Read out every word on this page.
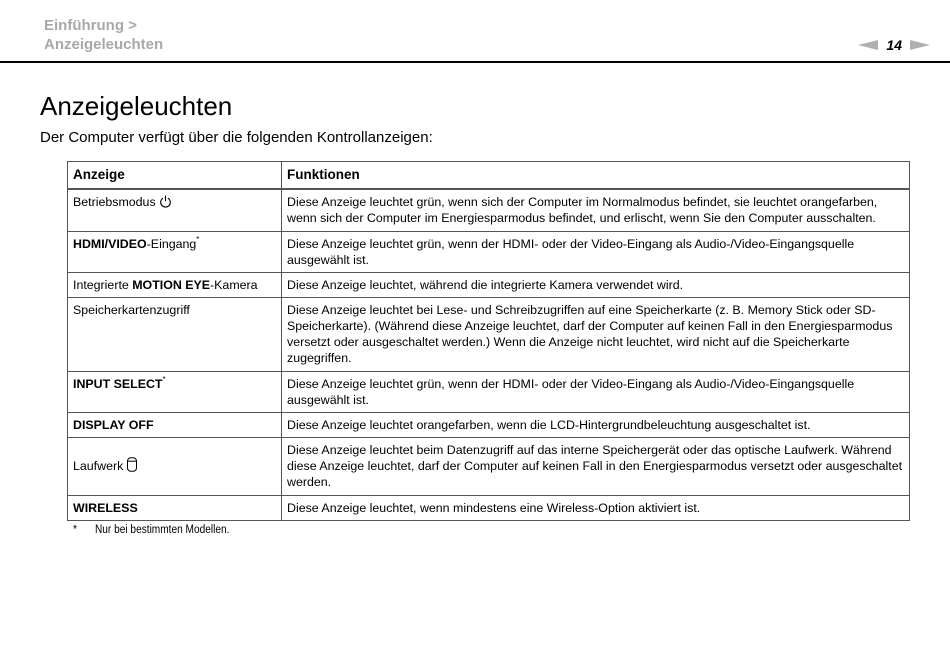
Einführung >
Anzeigeleuchten	14
Anzeigeleuchten
Der Computer verfügt über die folgenden Kontrollanzeigen:
Anzeige	Funktionen
Betriebsmodus	Diese Anzeige leuchtet grün, wenn sich der Computer im Normalmodus befindet, sie leuchtet orangefarben, wenn sich der Computer im Energiesparmodus befindet, und erlischt, wenn Sie den Computer ausschalten.
HDMI/VIDEO-Eingang*	Diese Anzeige leuchtet grün, wenn der HDMI- oder der Video-Eingang als Audio-/Video-Eingangsquelle ausgewählt ist.
Integrierte MOTION EYE-Kamera	Diese Anzeige leuchtet, während die integrierte Kamera verwendet wird.
Speicherkartenzugriff	Diese Anzeige leuchtet bei Lese- und Schreibzugriffen auf eine Speicherkarte (z. B. Memory Stick oder SD-Speicherkarte). (Während diese Anzeige leuchtet, darf der Computer auf keinen Fall in den Energiesparmodus versetzt oder ausgeschaltet werden.) Wenn die Anzeige nicht leuchtet, wird nicht auf die Speicherkarte zugegriffen.
INPUT SELECT*	Diese Anzeige leuchtet grün, wenn der HDMI- oder der Video-Eingang als Audio-/Video-Eingangsquelle ausgewählt ist.
DISPLAY OFF	Diese Anzeige leuchtet orangefarben, wenn die LCD-Hintergrundbeleuchtung ausgeschaltet ist.
Laufwerk	Diese Anzeige leuchtet beim Datenzugriff auf das interne Speichergerät oder das optische Laufwerk. Während diese Anzeige leuchtet, darf der Computer auf keinen Fall in den Energiesparmodus versetzt oder ausgeschaltet werden.
WIRELESS	Diese Anzeige leuchtet, wenn mindestens eine Wireless-Option aktiviert ist.
* Nur bei bestimmten Modellen.
